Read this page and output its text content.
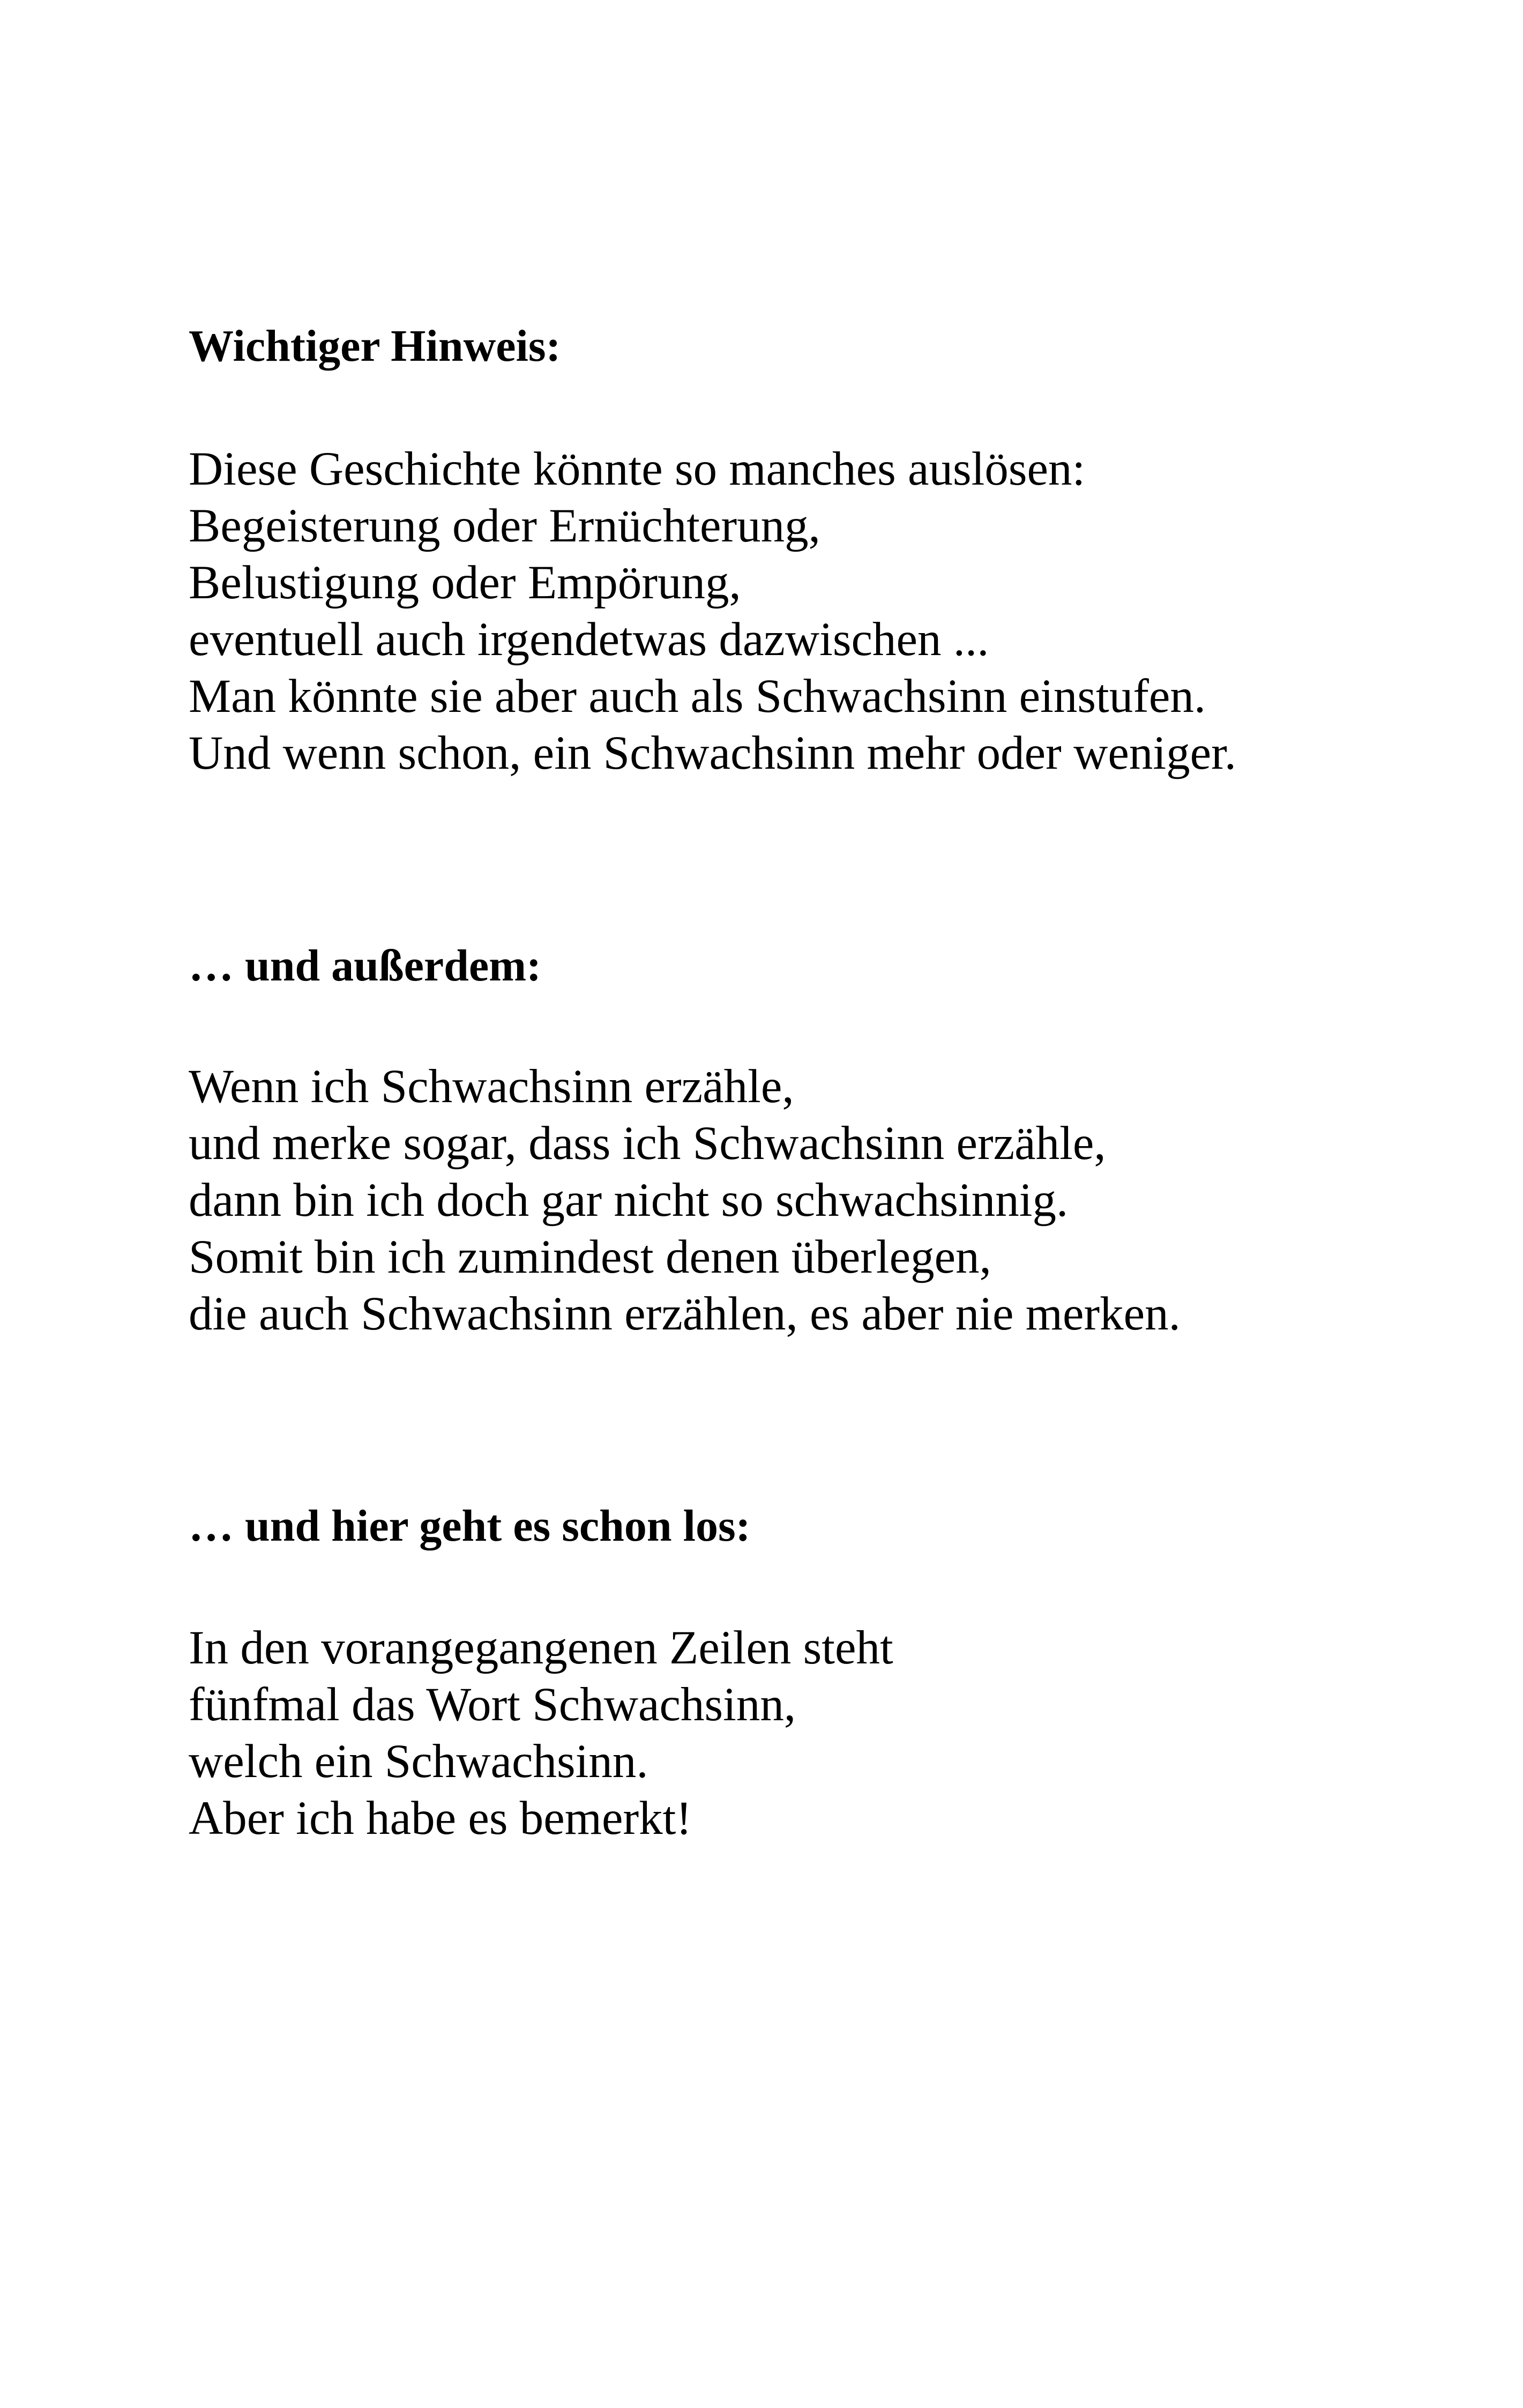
Wichtiger Hinweis:
Diese Geschichte könnte so manches auslösen:
Begeisterung oder Ernüchterung,
Belustigung oder Empörung,
eventuell auch irgendetwas dazwischen ...
Man könnte sie aber auch als Schwachsinn einstufen.
Und wenn schon, ein Schwachsinn mehr oder weniger.
… und außerdem:
Wenn ich Schwachsinn erzähle,
und merke sogar, dass ich Schwachsinn erzähle,
dann bin ich doch gar nicht so schwachsinnig.
Somit bin ich zumindest denen überlegen,
die auch Schwachsinn erzählen, es aber nie merken.
… und hier geht es schon los:
In den vorangegangenen Zeilen steht
fünfmal das Wort Schwachsinn,
welch ein Schwachsinn.
Aber ich habe es bemerkt!
